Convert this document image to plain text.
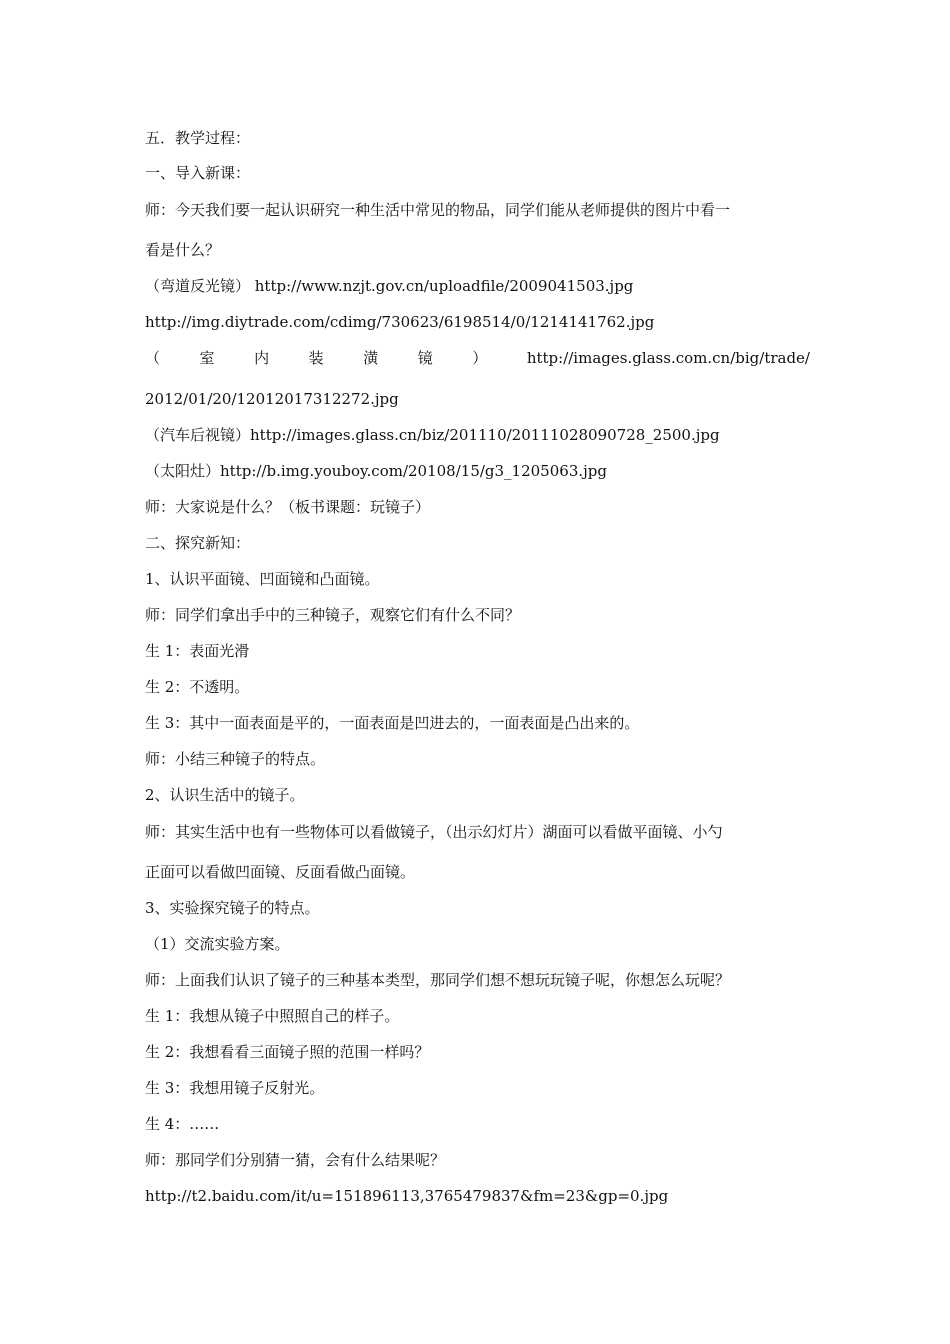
五．教学过程：
一、导入新课：
师：今天我们要一起认识研究一种生活中常见的物品，同学们能从老师提供的图片中看一
看是什么？
（弯道反光镜） http://www.nzjt.gov.cn/uploadfile/2009041503.jpg
http://img.diytrade.com/cdimg/730623/6198514/0/1214141762.jpg
（	室	内	装	潢	镜	）	http://images.glass.com.cn/big/trade/
2012/01/20/12012017312272.jpg
（汽车后视镜）http://images.glass.cn/biz/201110/20111028090728_2500.jpg
（太阳灶）http://b.img.youboy.com/20108/15/g3_1205063.jpg
师：大家说是什么？（板书课题：玩镜子）
二、探究新知：
1、认识平面镜、凹面镜和凸面镜。
师：同学们拿出手中的三种镜子，观察它们有什么不同？
生 1：表面光滑
生 2：不透明。
生 3：其中一面表面是平的，一面表面是凹进去的，一面表面是凸出来的。
师：小结三种镜子的特点。
2、认识生活中的镜子。
师：其实生活中也有一些物体可以看做镜子，（出示幻灯片）湖面可以看做平面镜、小勺
正面可以看做凹面镜、反面看做凸面镜。
3、实验探究镜子的特点。
（1）交流实验方案。
师：上面我们认识了镜子的三种基本类型，那同学们想不想玩玩镜子呢，你想怎么玩呢？
生 1：我想从镜子中照照自己的样子。
生 2：我想看看三面镜子照的范围一样吗？
生 3：我想用镜子反射光。
生 4：……
师：那同学们分别猜一猜，会有什么结果呢？
http://t2.baidu.com/it/u=151896113,3765479837&fm=23&gp=0.jpg
